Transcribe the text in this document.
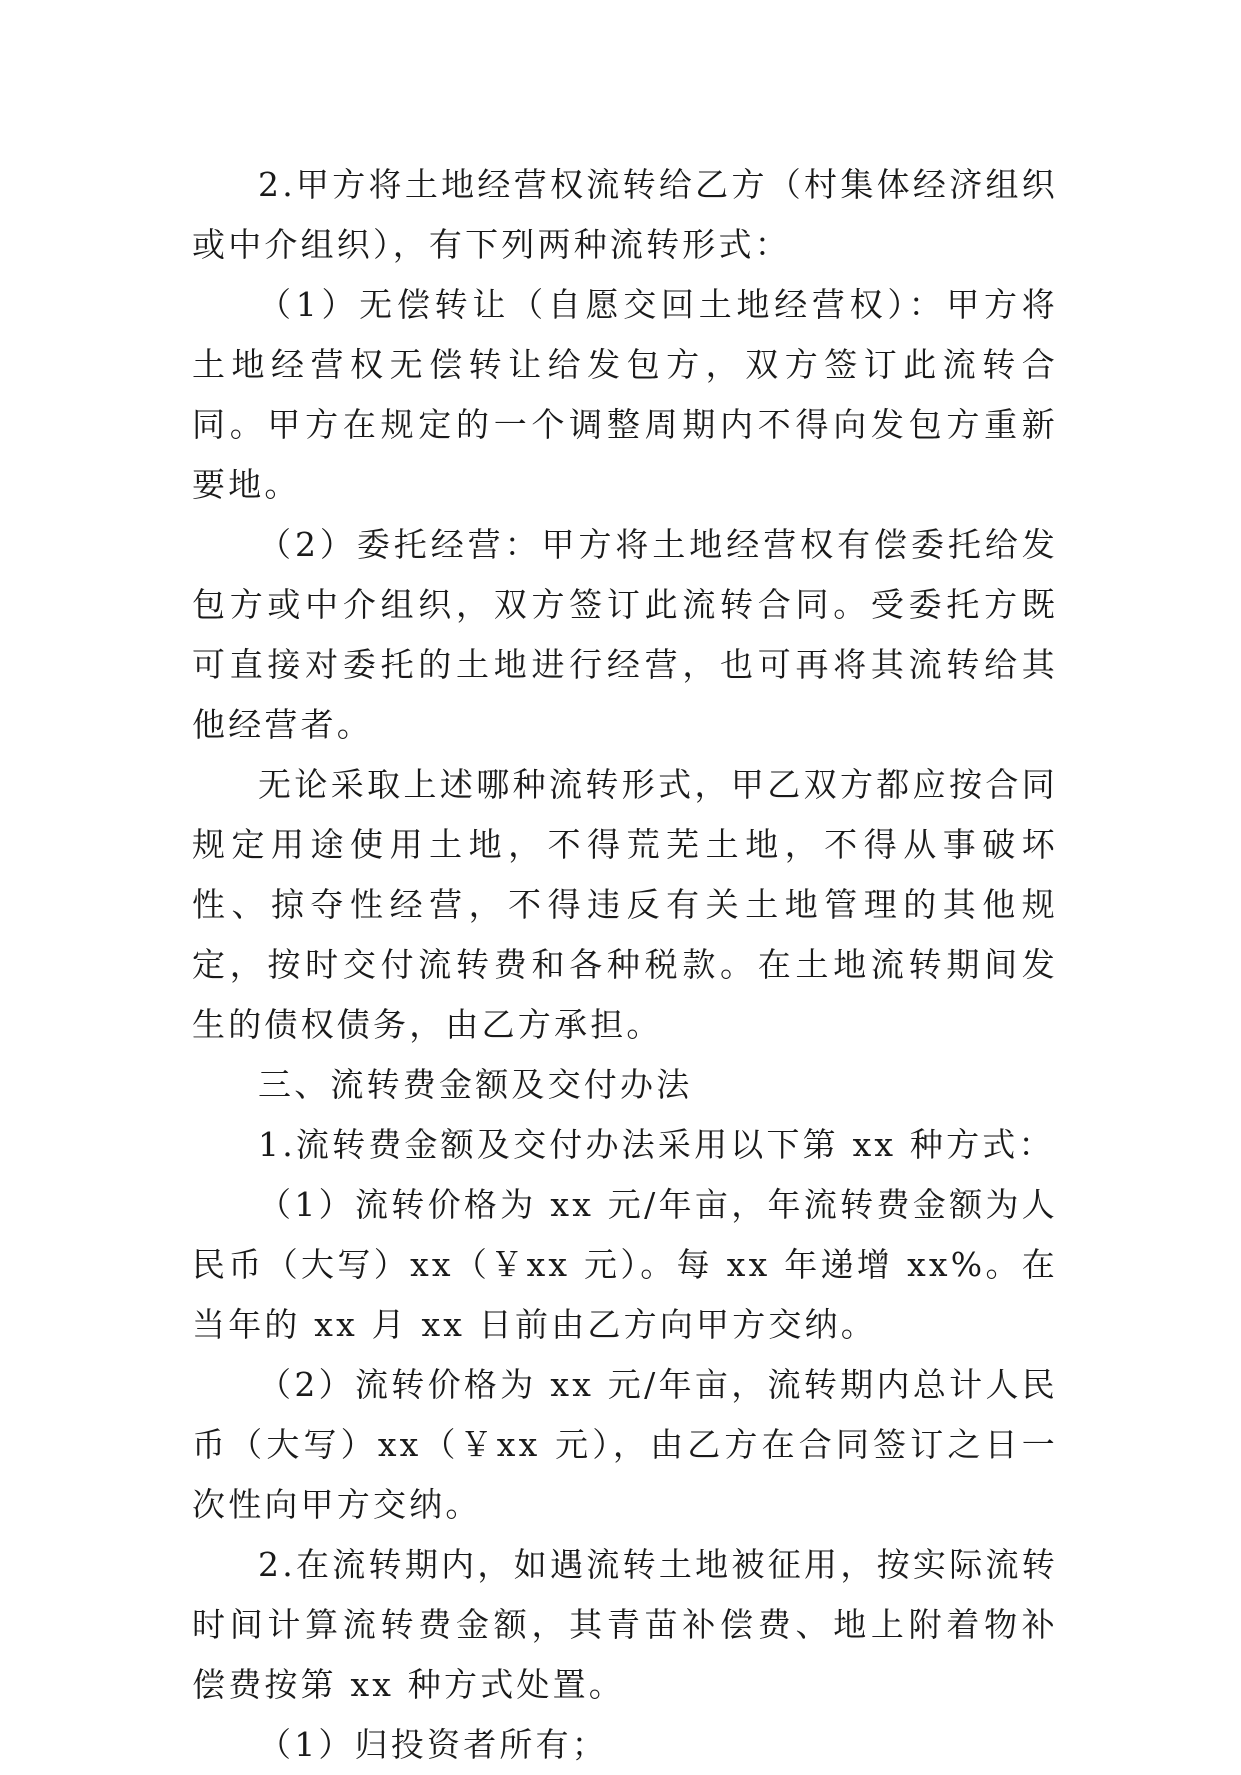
2.甲方将土地经营权流转给乙方（村集体经济组织或中介组织），有下列两种流转形式：

（1）无偿转让（自愿交回土地经营权）：甲方将土地经营权无偿转让给发包方，双方签订此流转合同。甲方在规定的一个调整周期内不得向发包方重新要地。

（2）委托经营：甲方将土地经营权有偿委托给发包方或中介组织，双方签订此流转合同。受委托方既可直接对委托的土地进行经营，也可再将其流转给其他经营者。

无论采取上述哪种流转形式，甲乙双方都应按合同规定用途使用土地，不得荒芜土地，不得从事破坏性、掠夺性经营，不得违反有关土地管理的其他规定，按时交付流转费和各种税款。在土地流转期间发生的债权债务，由乙方承担。

三、流转费金额及交付办法

1.流转费金额及交付办法采用以下第 xx 种方式：

（1）流转价格为 xx 元/年亩，年流转费金额为人民币（大写）xx（￥xx 元）。每 xx 年递增 xx%。在当年的 xx 月 xx 日前由乙方向甲方交纳。

（2）流转价格为 xx 元/年亩，流转期内总计人民币（大写）xx（￥xx 元），由乙方在合同签订之日一次性向甲方交纳。

2.在流转期内，如遇流转土地被征用，按实际流转时间计算流转费金额，其青苗补偿费、地上附着物补偿费按第 xx 种方式处置。

（1）归投资者所有；
